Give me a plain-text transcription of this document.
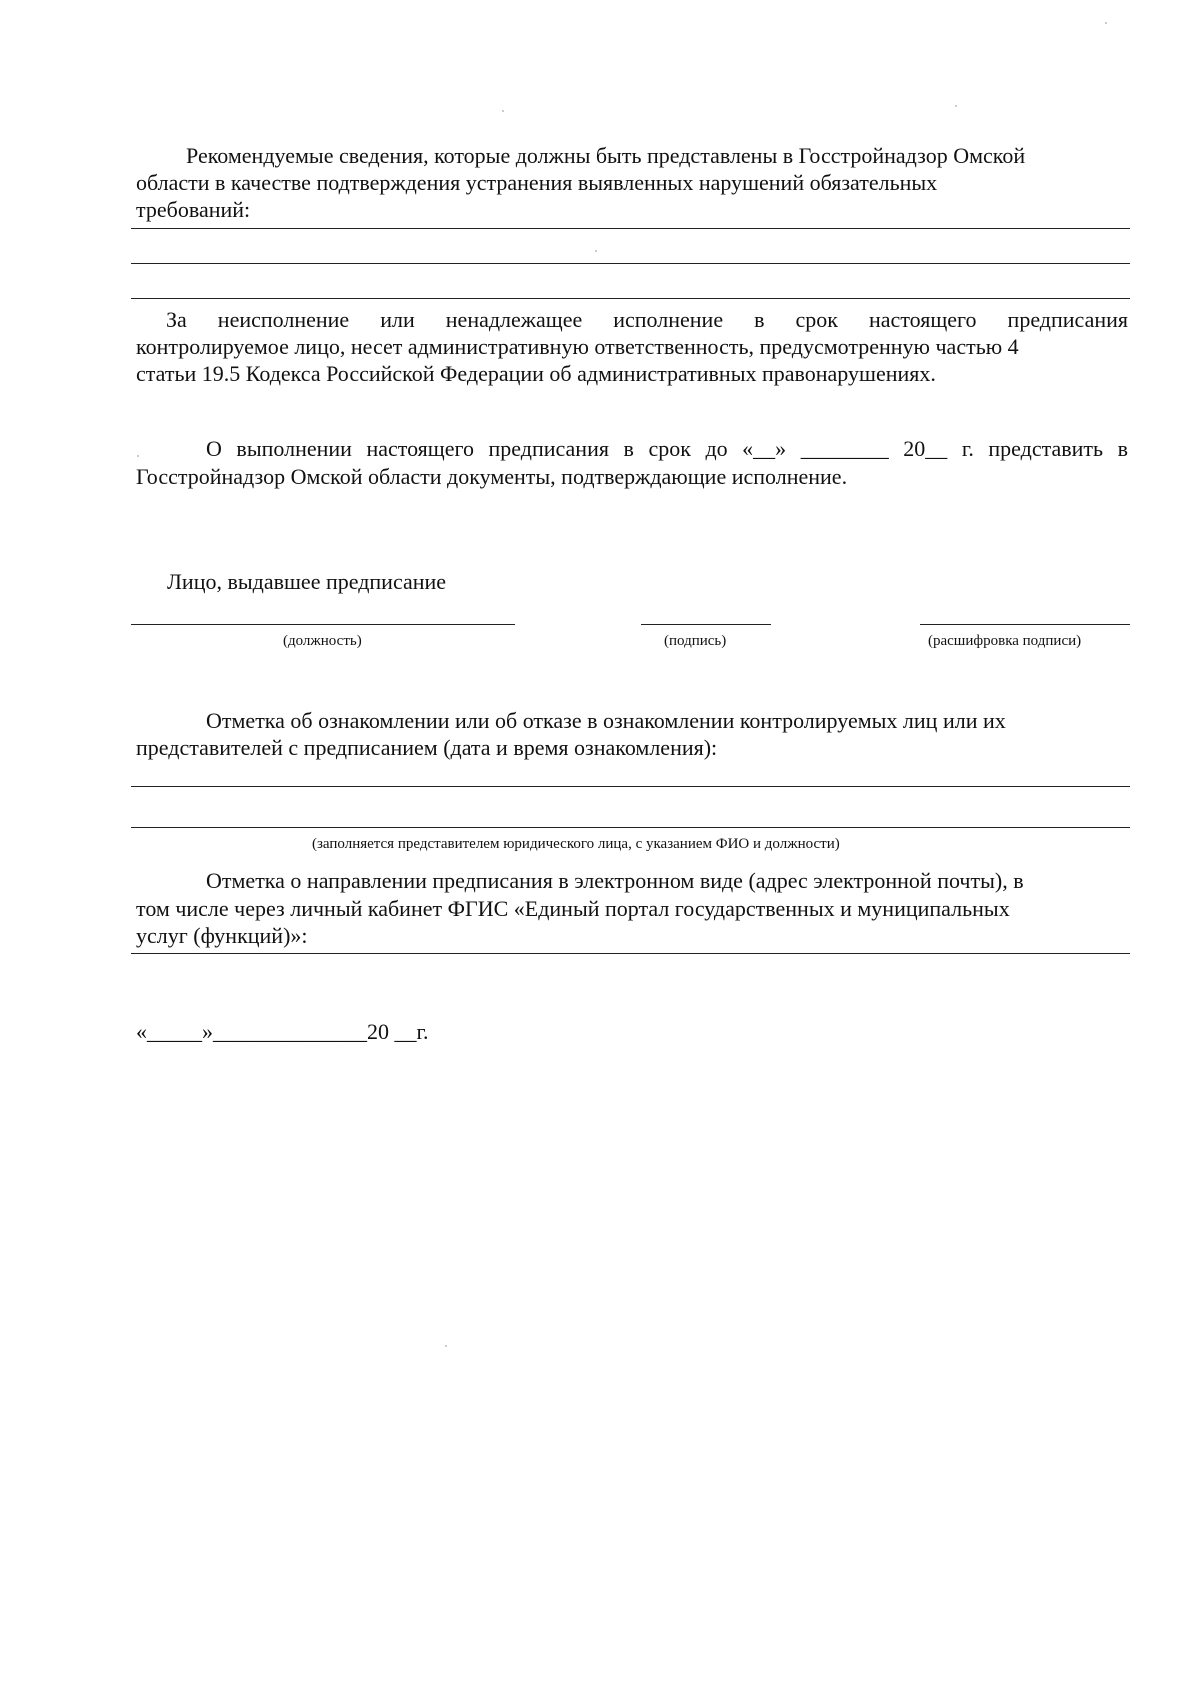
Рекомендуемые сведения, которые должны быть представлены в Госстройнадзор Омской
области в качестве подтверждения устранения выявленных нарушений обязательных
требований:
За неисполнение или ненадлежащее исполнение в срок настоящего предписания
контролируемое лицо, несет административную ответственность, предусмотренную частью 4
статьи 19.5 Кодекса Российской Федерации об административных правонарушениях.
О выполнении настоящего предписания в срок до «__» ________ 20__ г. представить в
Госстройнадзор Омской области документы, подтверждающие исполнение.
Лицо, выдавшее предписание
(должность)	(подпись)	(расшифровка подписи)
Отметка об ознакомлении или об отказе в ознакомлении контролируемых лиц или их
представителей с предписанием (дата и время ознакомления):
(заполняется представителем юридического лица, с указанием ФИО и должности)
Отметка о направлении предписания в электронном виде (адрес электронной почты), в
том числе через личный кабинет ФГИС «Единый портал государственных и муниципальных
услуг (функций)»:
«_____»______________20 __г.
